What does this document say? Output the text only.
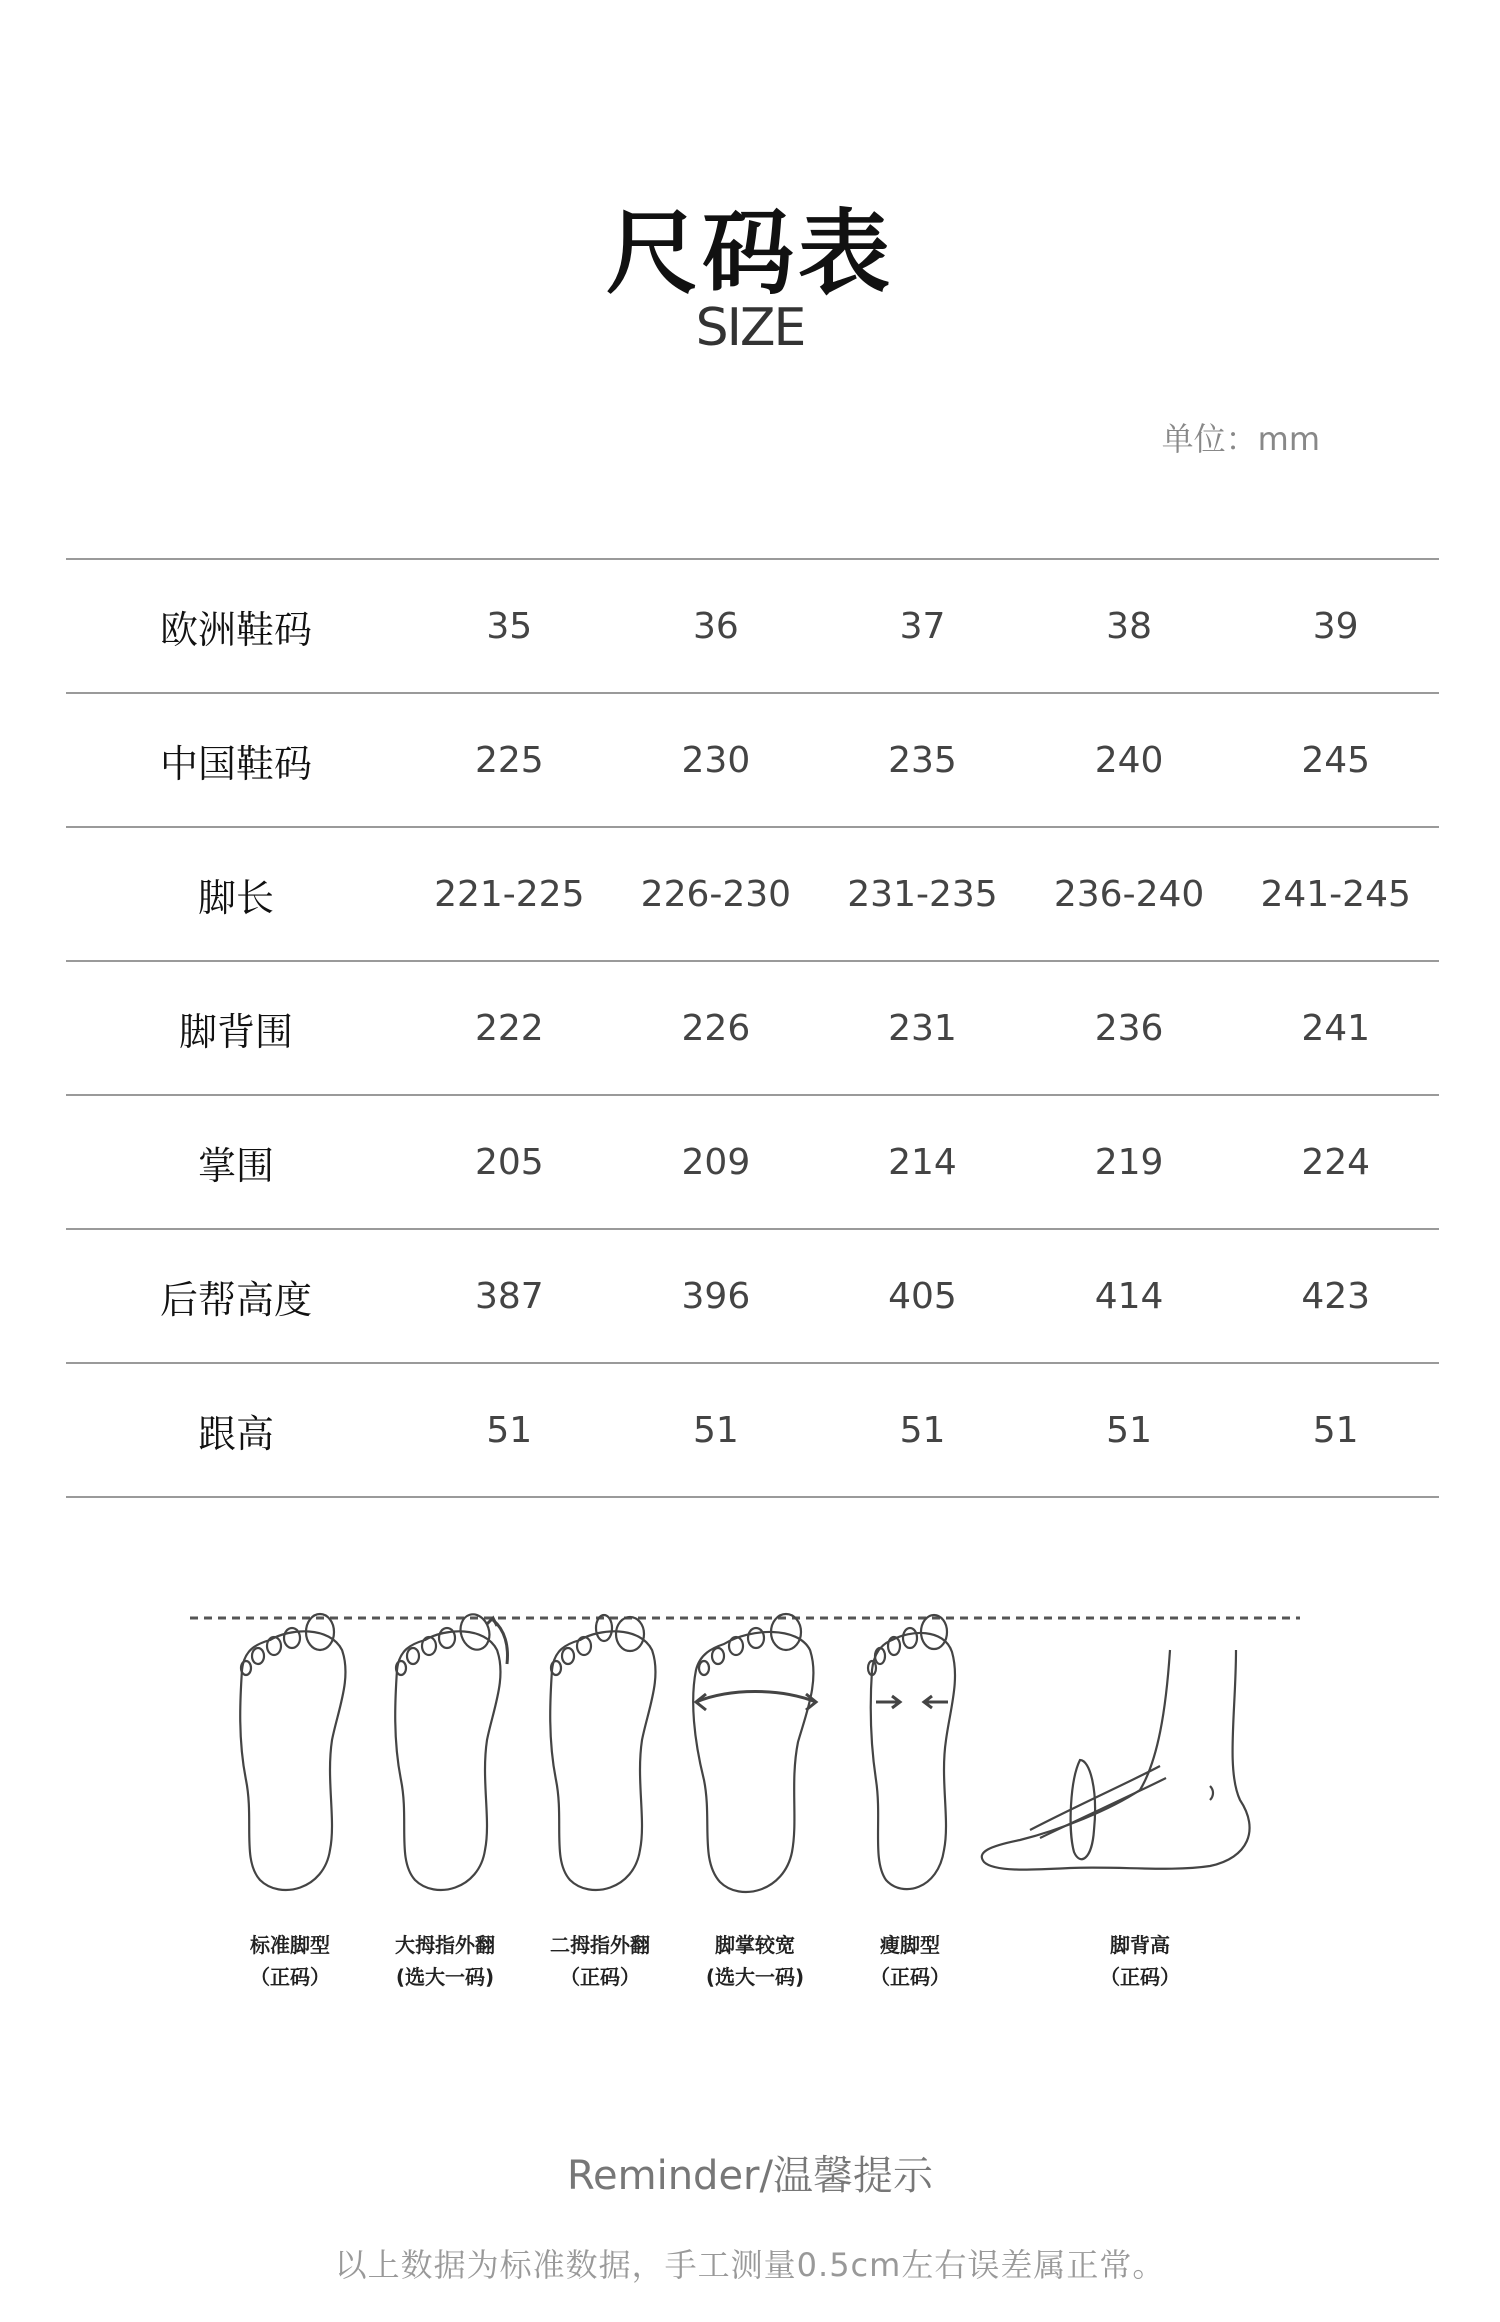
尺码表
SIZE
单位：mm
欧洲鞋码	35	36	37	38	39
中国鞋码	225	230	235	240	245
脚长	221-225	226-230	231-235	236-240	241-245
脚背围	222	226	231	236	241
掌围	205	209	214	219	224
后帮高度	387	396	405	414	423
跟高	51	51	51	51	51
标准脚型
（正码）
大拇指外翻
(选大一码)
二拇指外翻
（正码）
脚掌较宽
(选大一码)
瘦脚型
（正码）
脚背高
（正码）
Reminder/温馨提示
以上数据为标准数据，手工测量0.5cm左右误差属正常。
